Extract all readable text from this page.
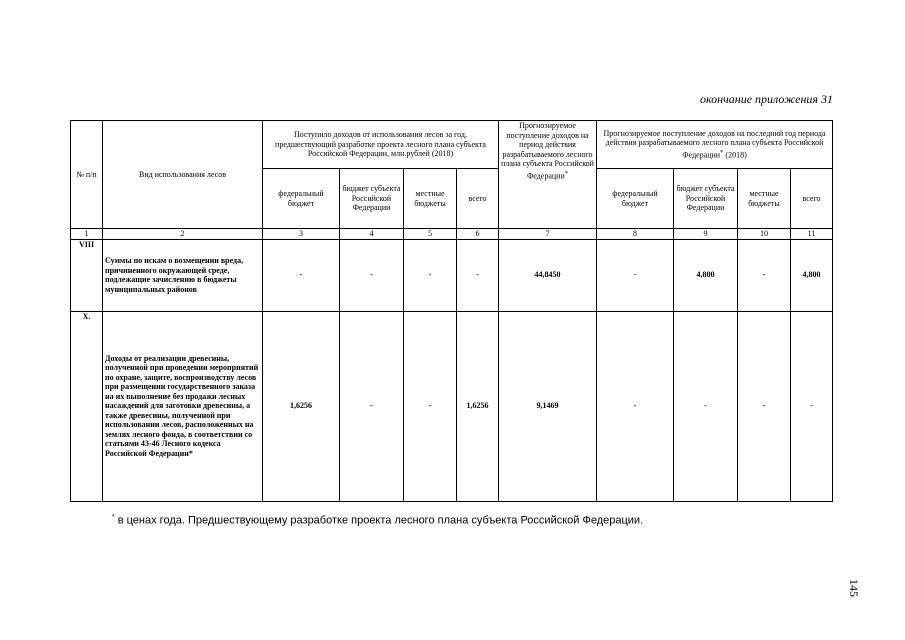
окончание приложения 31
№ п/п	Вид использования лесов	Поступило доходов от использования лесов за год, предшествующий разработке проекта лесного плана субъекта Российской Федерации, млн.рублей (2018)				Прогнозируемое поступление доходов на период действия разрабатываемого лесного плана субъекта Российской Федерации*	Прогнозируемое поступление доходов на последний год периода действия разрабатываемого лесного плана субъекта Российской Федерации* (2018)			
		федеральный бюджет	бюджет субъекта Российской Федерации	местные бюджеты	всего		федеральный бюджет	бюджет субъекта Российской Федерации	местные бюджеты	всего
1	2	3	4	5	6	7	8	9	10	11
VIII	Суммы по искам о возмещении вреда, причиненного окружающей среде, подлежащие зачислению в бюджеты муниципальных районов	-	-	-	-	44,8450	-	4,800	-	4,800
X.	Доходы от реализации древесины, полученной при проведении мероприятий по охране, защите, воспроизводству лесов при размещении государственного заказа на их выполнение без продажи лесных насаждений для заготовки древесины, а также древесины, полученной при использовании лесов, расположенных на землях лесного фонда, в соответствии со статьями 43-46 Лесного кодекса Российской Федерации*	1,6256	-	-	1,6256	9,1469	-	-	-	-
* в ценах года. Предшествующему разработке проекта лесного плана субъекта Российской Федерации.
145
